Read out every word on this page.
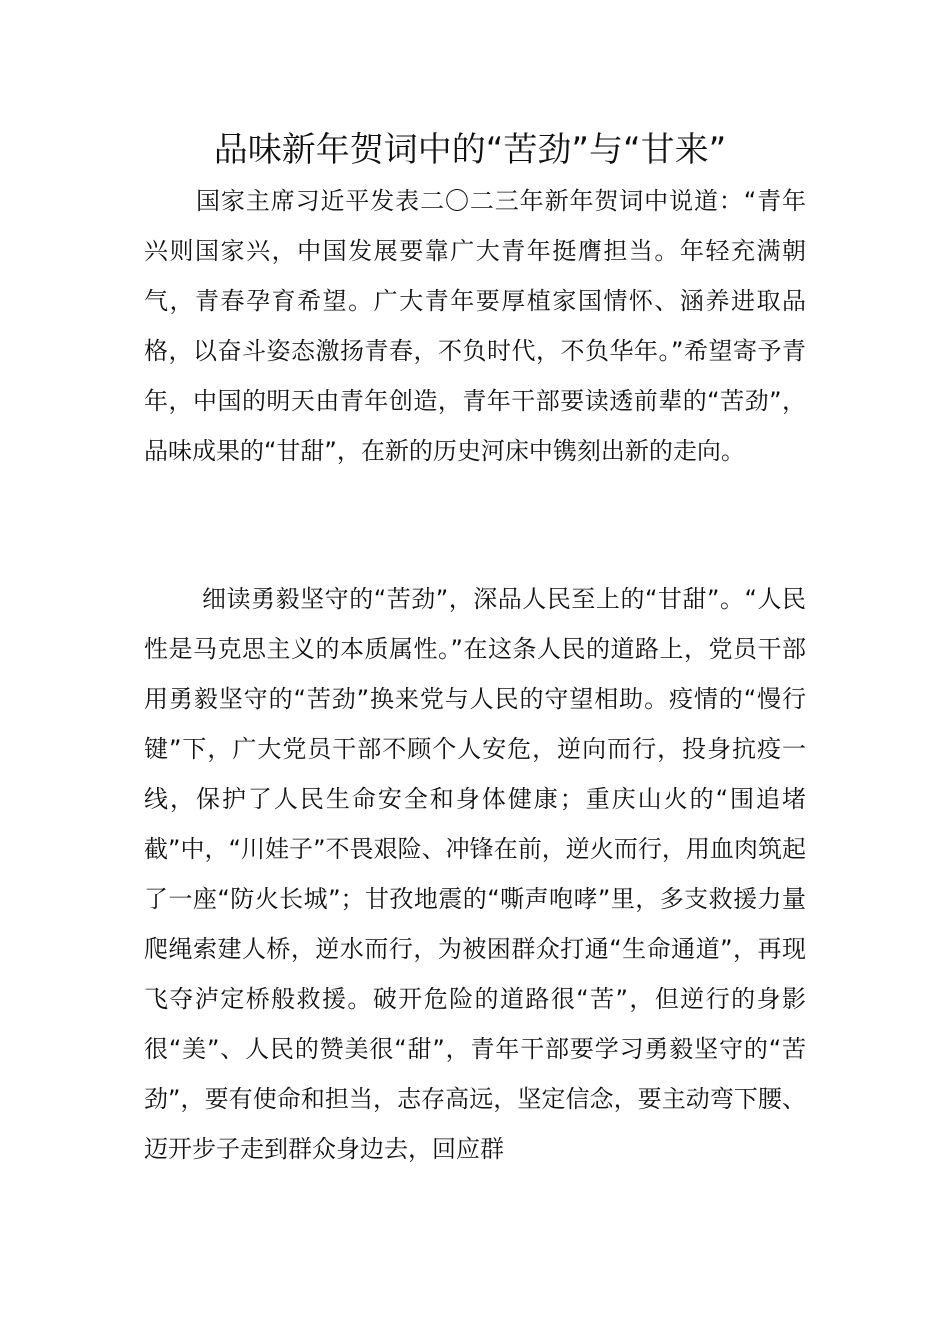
品味新年贺词中的“苦劲”与“甘来”

国家主席习近平发表二〇二三年新年贺词中说道：“青年兴则国家兴，中国发展要靠广大青年挺膺担当。年轻充满朝气，青春孕育希望。广大青年要厚植家国情怀、涵养进取品格，以奋斗姿态激扬青春，不负时代，不负华年。”希望寄予青年，中国的明天由青年创造，青年干部要读透前辈的“苦劲”，品味成果的“甘甜”，在新的历史河床中镌刻出新的走向。

细读勇毅坚守的“苦劲”，深品人民至上的“甘甜”。“人民性是马克思主义的本质属性。”在这条人民的道路上，党员干部用勇毅坚守的“苦劲”换来党与人民的守望相助。疫情的“慢行键”下，广大党员干部不顾个人安危，逆向而行，投身抗疫一线，保护了人民生命安全和身体健康；重庆山火的“围追堵截”中，“川娃子”不畏艰险、冲锋在前，逆火而行，用血肉筑起了一座“防火长城”；甘孜地震的“嘶声咆哮”里，多支救援力量爬绳索建人桥，逆水而行，为被困群众打通“生命通道”，再现飞夺泸定桥般救援。破开危险的道路很“苦”，但逆行的身影很“美”、人民的赞美很“甜”，青年干部要学习勇毅坚守的“苦劲”，要有使命和担当，志存高远，坚定信念，要主动弯下腰、迈开步子走到群众身边去，回应群
